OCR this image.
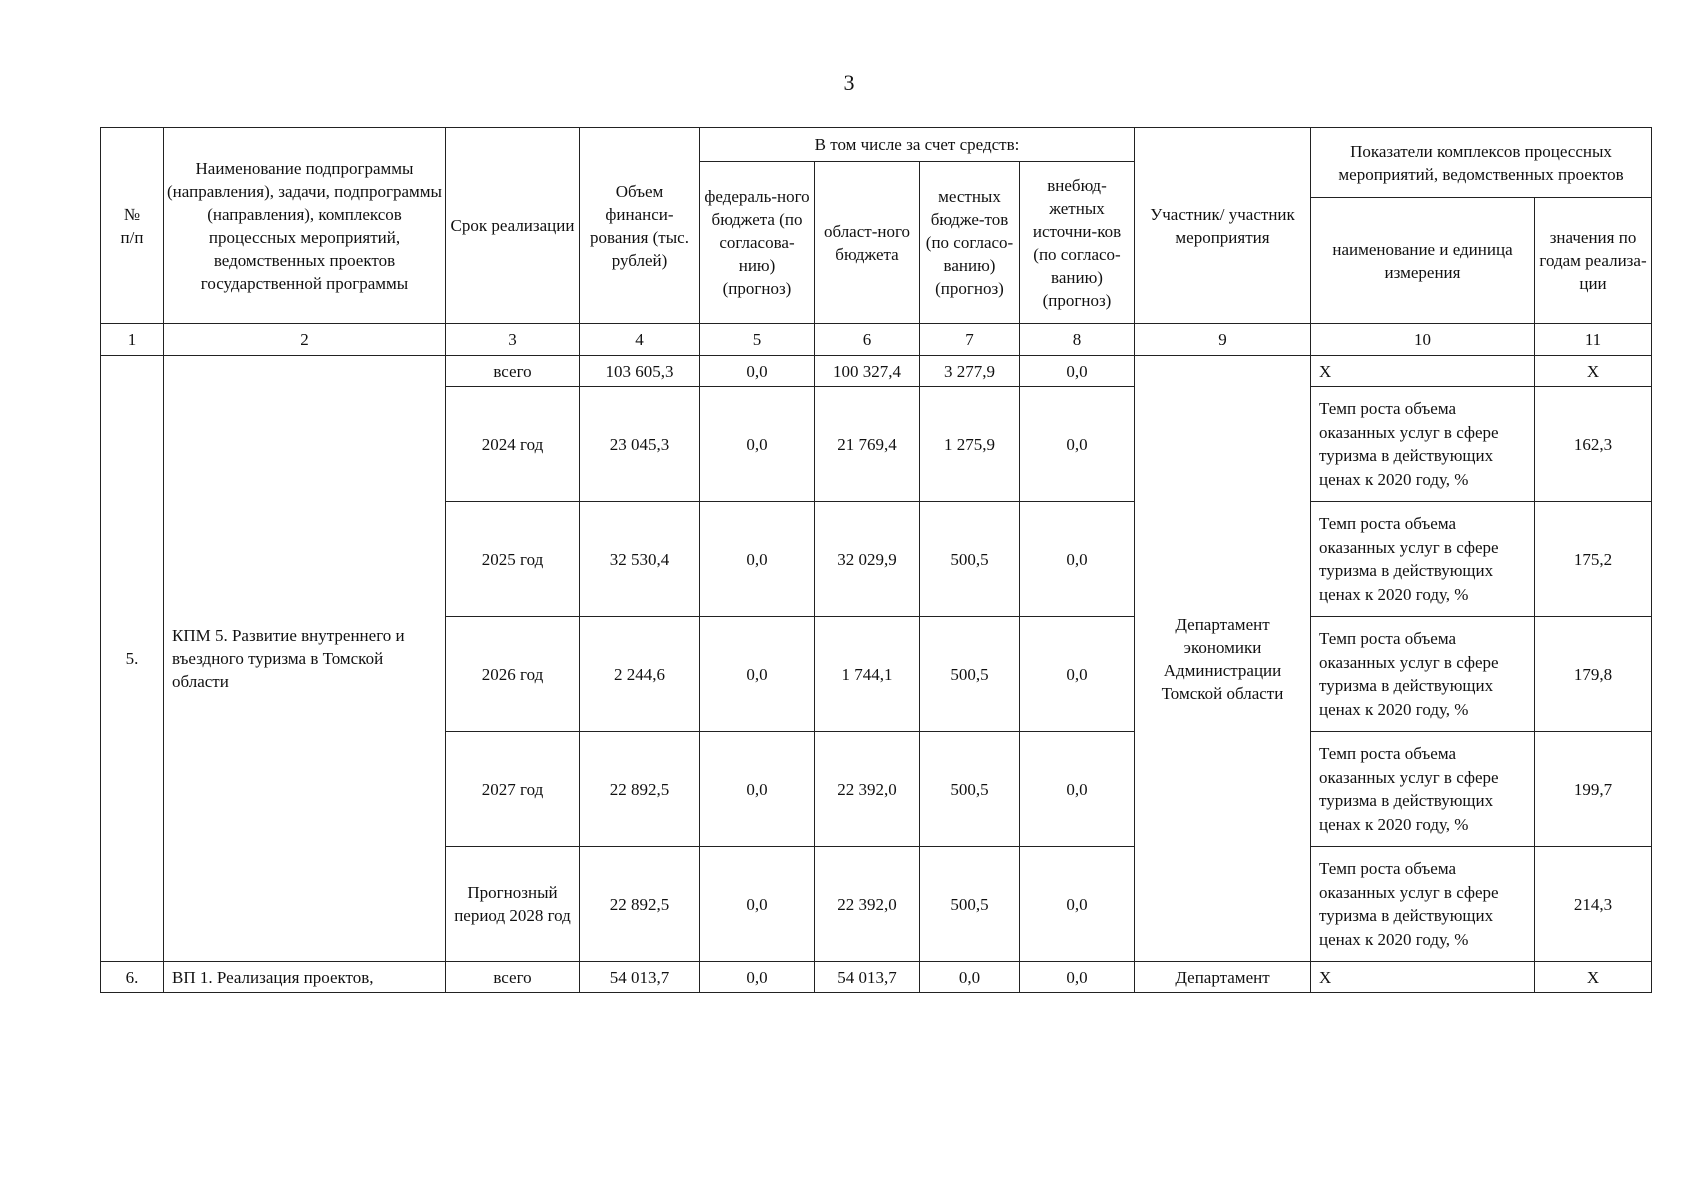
3
№
п/п	Наименование подпрограммы (направления), задачи, подпрограммы (направления), комплексов процессных мероприятий, ведомственных проектов государственной программы	Срок реализации	Объем финанси-рования (тыс. рублей)	В том числе за счет средств:				Участник/ участник мероприятия	Показатели комплексов процессных мероприятий, ведомственных проектов	
				федераль-ного бюджета (по согласова-нию) (прогноз)	област-ного бюджета	местных бюдже-тов (по согласо-ванию) (прогноз)	внебюд-жетных источни-ков (по согласо-ванию) (прогноз)			
									наименование и единица измерения	значения по годам реализа-ции
1	2	3	4	5	6	7	8	9	10	11
5.	КПМ 5. Развитие внутреннего и въездного туризма в Томской области	всего	103 605,3	0,0	100 327,4	3 277,9	0,0	Департамент экономики Администрации Томской области	Х	Х
		2024 год	23 045,3	0,0	21 769,4	1 275,9	0,0		Темп роста объема оказанных услуг в сфере туризма в действующих ценах к 2020 году, %	162,3
		2025 год	32 530,4	0,0	32 029,9	500,5	0,0		Темп роста объема оказанных услуг в сфере туризма в действующих ценах к 2020 году, %	175,2
		2026 год	2 244,6	0,0	1 744,1	500,5	0,0		Темп роста объема оказанных услуг в сфере туризма в действующих ценах к 2020 году, %	179,8
		2027 год	22 892,5	0,0	22 392,0	500,5	0,0		Темп роста объема оказанных услуг в сфере туризма в действующих ценах к 2020 году, %	199,7
		Прогнозный период 2028 год	22 892,5	0,0	22 392,0	500,5	0,0		Темп роста объема оказанных услуг в сфере туризма в действующих ценах к 2020 году, %	214,3
6.	ВП 1. Реализация проектов,	всего	54 013,7	0,0	54 013,7	0,0	0,0	Департамент	Х	Х
